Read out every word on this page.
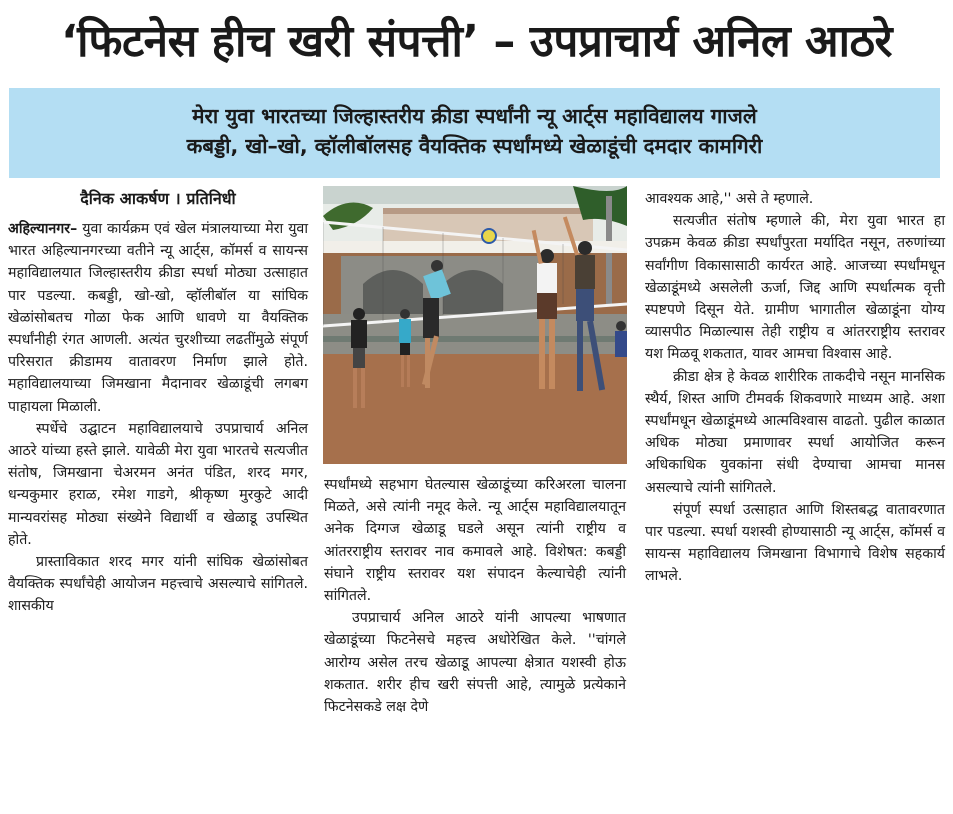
‘फिटनेस हीच खरी संपत्ती’ – उपप्राचार्य अनिल आठरे
मेरा युवा भारतच्या जिल्हास्तरीय क्रीडा स्पर्धांनी न्यू आर्ट्स महाविद्यालय गाजले
कबड्डी, खो–खो, व्हॉलीबॉलसह वैयक्तिक स्पर्धांमध्ये खेळाडूंची दमदार कामगिरी
दैनिक आकर्षण । प्रतिनिधी

अहिल्यानगर– युवा कार्यक्रम एवं खेल मंत्रालयाच्या मेरा युवा भारत अहिल्यानगरच्या वतीने न्यू आर्ट्स, कॉमर्स व सायन्स महाविद्यालयात जिल्हास्तरीय क्रीडा स्पर्धा मोठ्या उत्साहात पार पडल्या. कबड्डी, खो-खो, व्हॉलीबॉल या सांघिक खेळांसोबतच गोळा फेक आणि धावणे या वैयक्तिक स्पर्धांनीही रंगत आणली. अत्यंत चुरशीच्या लढतींमुळे संपूर्ण परिसरात क्रीडामय वातावरण निर्माण झाले होते. महाविद्यालयाच्या जिमखाना मैदानावर खेळाडूंची लगबग पाहायला मिळाली.

स्पर्धेचे उद्घाटन महाविद्यालयाचे उपप्राचार्य अनिल आठरे यांच्या हस्ते झाले. यावेळी मेरा युवा भारतचे सत्यजीत संतोष, जिमखाना चेअरमन अनंत पंडित, शरद मगर, धन्यकुमार हराळ, रमेश गाडगे, श्रीकृष्ण मुरकुटे आदी मान्यवरांसह मोठ्या संख्येने विद्यार्थी व खेळाडू उपस्थित होते.

प्रास्ताविकात शरद मगर यांनी सांघिक खेळांसोबत वैयक्तिक स्पर्धांचेही आयोजन महत्त्वाचे असल्याचे सांगितले. शासकीय

स्पर्धांमध्ये सहभाग घेतल्यास खेळाडूंच्या करिअरला चालना मिळते, असे त्यांनी नमूद केले. न्यू आर्ट्स महाविद्यालयातून अनेक दिग्गज खेळाडू घडले असून त्यांनी राष्ट्रीय व आंतरराष्ट्रीय स्तरावर नाव कमावले आहे. विशेषत: कबड्डी संघाने राष्ट्रीय स्तरावर यश संपादन केल्याचेही त्यांनी सांगितले.

उपप्राचार्य अनिल आठरे यांनी आपल्या भाषणात खेळाडूंच्या फिटनेसचे महत्त्व अधोरेखित केले. ''चांगले आरोग्य असेल तरच खेळाडू आपल्या क्षेत्रात यशस्वी होऊ शकतात. शरीर हीच खरी संपत्ती आहे, त्यामुळे प्रत्येकाने फिटनेसकडे लक्ष देणे

आवश्यक आहे,'' असे ते म्हणाले.

सत्यजीत संतोष म्हणाले की, मेरा युवा भारत हा उपक्रम केवळ क्रीडा स्पर्धांपुरता मर्यादित नसून, तरुणांच्या सर्वांगीण विकासासाठी कार्यरत आहे. आजच्या स्पर्धांमधून खेळाडूंमध्ये असलेली ऊर्जा, जिद्द आणि स्पर्धात्मक वृत्ती स्पष्टपणे दिसून येते. ग्रामीण भागातील खेळाडूंना योग्य व्यासपीठ मिळाल्यास तेही राष्ट्रीय व आंतरराष्ट्रीय स्तरावर यश मिळवू शकतात, यावर आमचा विश्वास आहे.

क्रीडा क्षेत्र हे केवळ शारीरिक ताकदीचे नसून मानसिक स्थैर्य, शिस्त आणि टीमवर्क शिकवणारे माध्यम आहे. अशा स्पर्धांमधून खेळाडूंमध्ये आत्मविश्वास वाढतो. पुढील काळात अधिक मोठ्या प्रमाणावर स्पर्धा आयोजित करून अधिकाधिक युवकांना संधी देण्याचा आमचा मानस असल्याचे त्यांनी सांगितले.

संपूर्ण स्पर्धा उत्साहात आणि शिस्तबद्ध वातावरणात पार पडल्या. स्पर्धा यशस्वी होण्यासाठी न्यू आर्ट्स, कॉमर्स व सायन्स महाविद्यालय जिमखाना विभागाचे विशेष सहकार्य लाभले.
